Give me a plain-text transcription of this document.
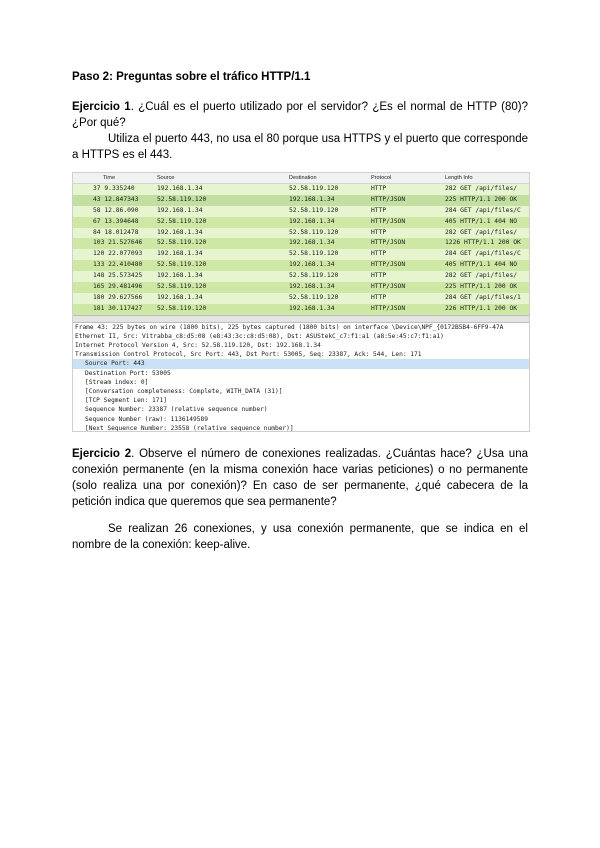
Paso 2: Preguntas sobre el tráfico HTTP/1.1
Ejercicio 1. ¿Cuál es el puerto utilizado por el servidor? ¿Es el normal de HTTP (80)? ¿Por qué?
Utiliza el puerto 443, no usa el 80 porque usa HTTPS y el puerto que corresponde a HTTPS es el 443.
Time	Source	Destination	Protocol	Length Info
37 9.335240	192.168.1.34	52.58.119.120	HTTP	282 GET /api/files/
43 12.847343	52.58.119.120	192.168.1.34	HTTP/JSON	225 HTTP/1.1 200 OK
58 12.86.090	192.168.1.34	52.58.119.120	HTTP	284 GET /api/files/C
67 13.394648	52.58.119.120	192.168.1.34	HTTP/JSON	405 HTTP/1.1 404 NO
84 18.012478	192.168.1.34	52.58.119.120	HTTP	282 GET /api/files/
103 21.527646 52.58.119.120	192.168.1.34	HTTP/JSON	1226 HTTP/1.1 200 OK
120 22.077093 192.168.1.34	52.58.119.120	HTTP	284 GET /api/files/C
133 22.410480 52.58.119.120	192.168.1.34	HTTP/JSON	405 HTTP/1.1 404 NO
148 25.573425 192.168.1.34	52.58.119.120	HTTP	282 GET /api/files/
165 29.481496 52.58.119.120	192.168.1.34	HTTP/JSON	225 HTTP/1.1 200 OK
180 29.627566 192.168.1.34	52.58.119.120	HTTP	284 GET /api/files/1
181 30.117427 52.58.119.120	192.168.1.34	HTTP/JSON	226 HTTP/1.1 200 OK
Frame 43: 225 bytes on wire (1800 bits), 225 bytes captured (1800 bits) on interface \Device\NPF_{0172B5B4-6FF9-47A
Ethernet II, Src: Vitrabba_c8:d5:08 (e8:43:3c:c8:d5:08), Dst: ASUStekC_c7:f1:a1 (a8:5e:45:c7:f1:a1)
Internet Protocol Version 4, Src: 52.58.119.120, Dst: 192.168.1.34
Transmission Control Protocol, Src Port: 443, Dst Port: 53005, Seq: 23387, Ack: 544, Len: 171
Source Port: 443
Destination Port: 53005
[Stream index: 0]
[Conversation completeness: Complete, WITH_DATA (31)]
[TCP Segment Len: 171]
Sequence Number: 23387 (relative sequence number)
Sequence Number (raw): 1136149589
[Next Sequence Number: 23558 (relative sequence number)]
Ejercicio 2. Observe el número de conexiones realizadas. ¿Cuántas hace? ¿Usa una conexión permanente (en la misma conexión hace varias peticiones) o no permanente (solo realiza una por conexión)? En caso de ser permanente, ¿qué cabecera de la petición indica que queremos que sea permanente?
Se realizan 26 conexiones, y usa conexión permanente, que se indica en el nombre de la conexión: keep-alive.
